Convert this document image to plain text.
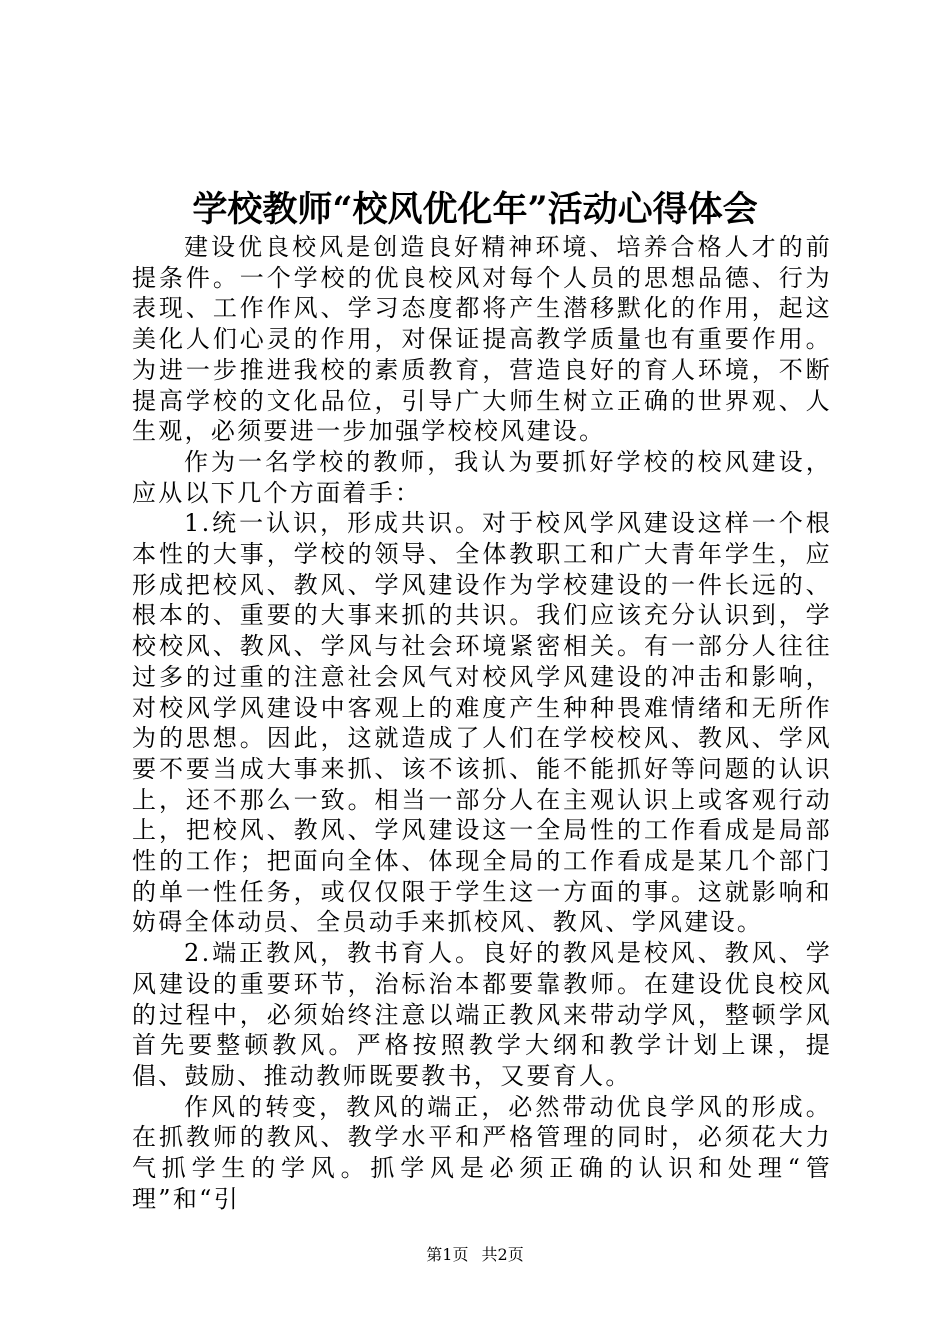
学校教师“校风优化年”活动心得体会

建设优良校风是创造良好精神环境、培养合格人才的前提条件。一个学校的优良校风对每个人员的思想品德、行为表现、工作作风、学习态度都将产生潜移默化的作用，起这美化人们心灵的作用，对保证提高教学质量也有重要作用。为进一步推进我校的素质教育，营造良好的育人环境，不断提高学校的文化品位，引导广大师生树立正确的世界观、人生观，必须要进一步加强学校校风建设。

作为一名学校的教师，我认为要抓好学校的校风建设，应从以下几个方面着手：

1.统一认识，形成共识。对于校风学风建设这样一个根本性的大事，学校的领导、全体教职工和广大青年学生，应形成把校风、教风、学风建设作为学校建设的一件长远的、根本的、重要的大事来抓的共识。我们应该充分认识到，学校校风、教风、学风与社会环境紧密相关。有一部分人往往过多的过重的注意社会风气对校风学风建设的冲击和影响，对校风学风建设中客观上的难度产生种种畏难情绪和无所作为的思想。因此，这就造成了人们在学校校风、教风、学风要不要当成大事来抓、该不该抓、能不能抓好等问题的认识上，还不那么一致。相当一部分人在主观认识上或客观行动上，把校风、教风、学风建设这一全局性的工作看成是局部性的工作；把面向全体、体现全局的工作看成是某几个部门的单一性任务，或仅仅限于学生这一方面的事。这就影响和妨碍全体动员、全员动手来抓校风、教风、学风建设。

2.端正教风，教书育人。良好的教风是校风、教风、学风建设的重要环节，治标治本都要靠教师。在建设优良校风的过程中，必须始终注意以端正教风来带动学风，整顿学风首先要整顿教风。严格按照教学大纲和教学计划上课，提倡、鼓励、推动教师既要教书，又要育人。

作风的转变，教风的端正，必然带动优良学风的形成。在抓教师的教风、教学水平和严格管理的同时，必须花大力气抓学生的学风。抓学风是必须正确的认识和处理“管理”和“引

第1页 共2页
